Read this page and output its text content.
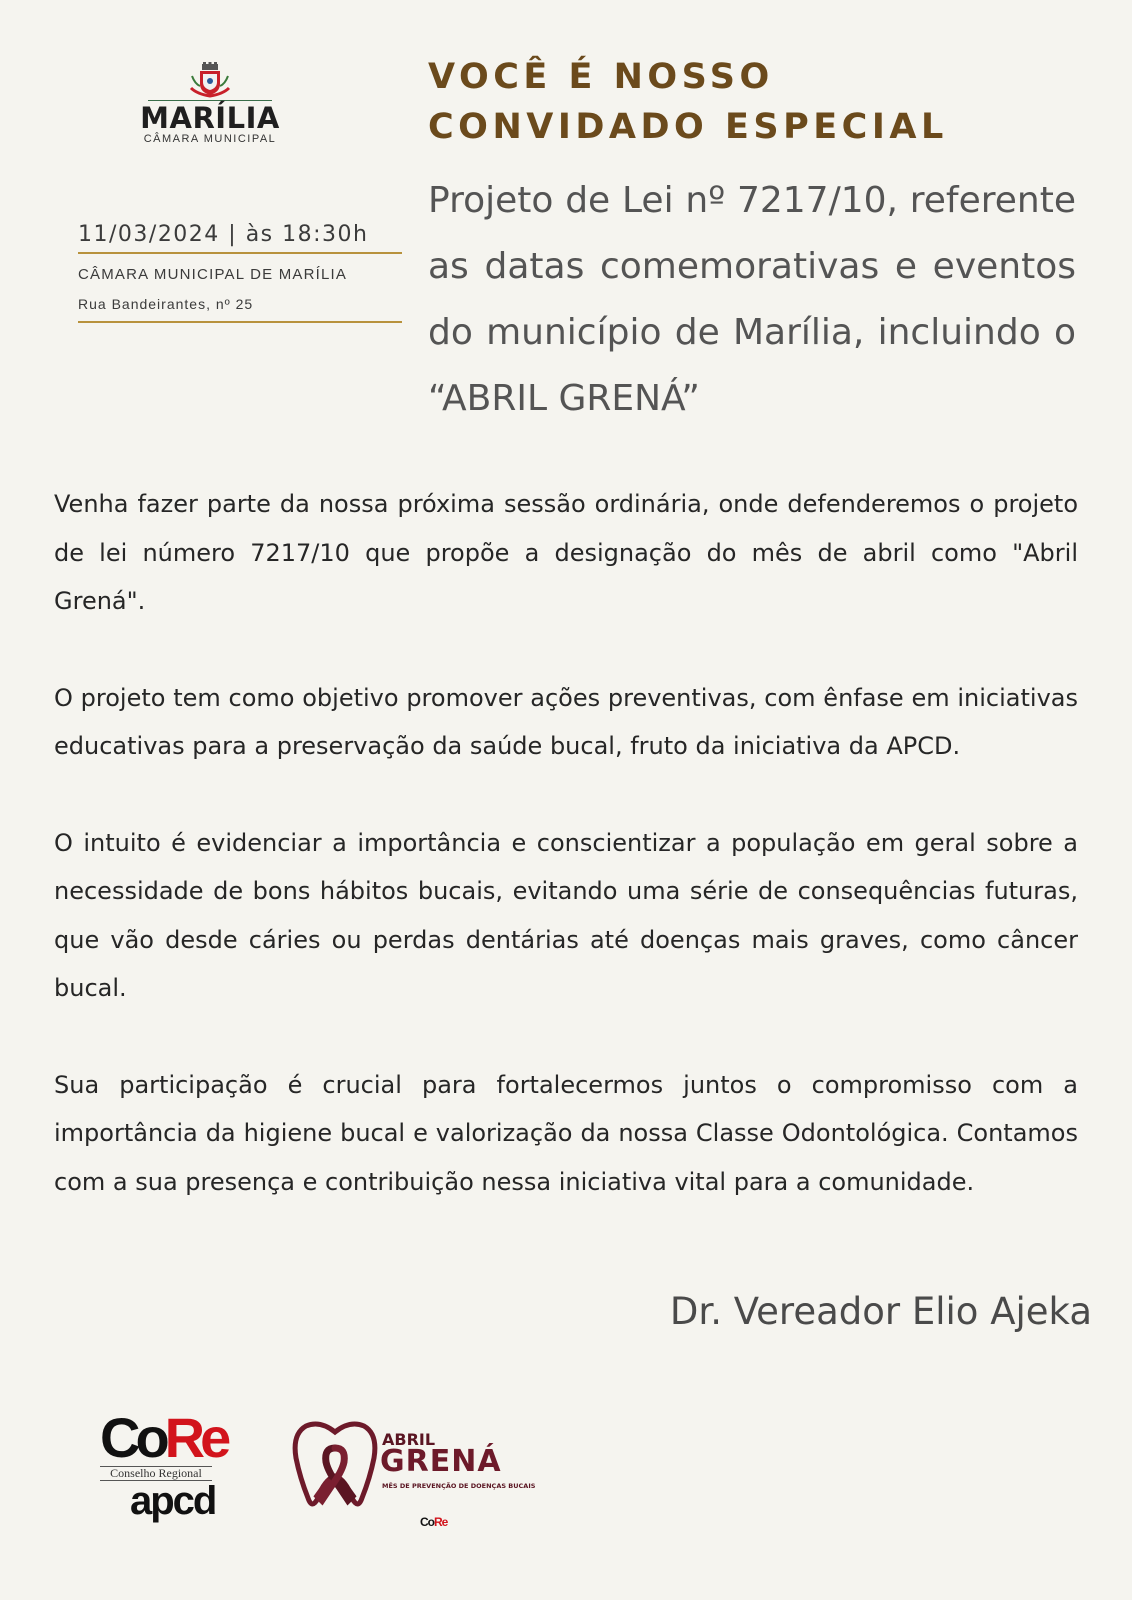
MARÍLIA
CÂMARA MUNICIPAL
VOCÊ É NOSSO
CONVIDADO ESPECIAL
11/03/2024 | às 18:30h
CÂMARA MUNICIPAL DE MARÍLIA
Rua Bandeirantes, nº 25
Projeto de Lei nº 7217/10, referente as datas comemorativas e eventos do município de Marília, incluindo o “ABRIL GRENÁ”

Venha fazer parte da nossa próxima sessão ordinária, onde defenderemos o projeto de lei número 7217/10 que propõe a designação do mês de abril como "Abril Grená".

O projeto tem como objetivo promover ações preventivas, com ênfase em iniciativas educativas para a preservação da saúde bucal, fruto da iniciativa da APCD.

O intuito é evidenciar a importância e conscientizar a população em geral sobre a necessidade de bons hábitos bucais, evitando uma série de consequências futuras, que vão desde cáries ou perdas dentárias até doenças mais graves, como câncer bucal.

Sua participação é crucial para fortalecermos juntos o compromisso com a importância da higiene bucal e valorização da nossa Classe Odontológica. Contamos com a sua presença e contribuição nessa iniciativa vital para a comunidade.

Dr. Vereador Elio Ajeka
CoRe
Conselho Regional
apcd
ABRIL
GRENÁ
MÊS DE PREVENÇÃO DE DOENÇAS BUCAIS
CoRe
